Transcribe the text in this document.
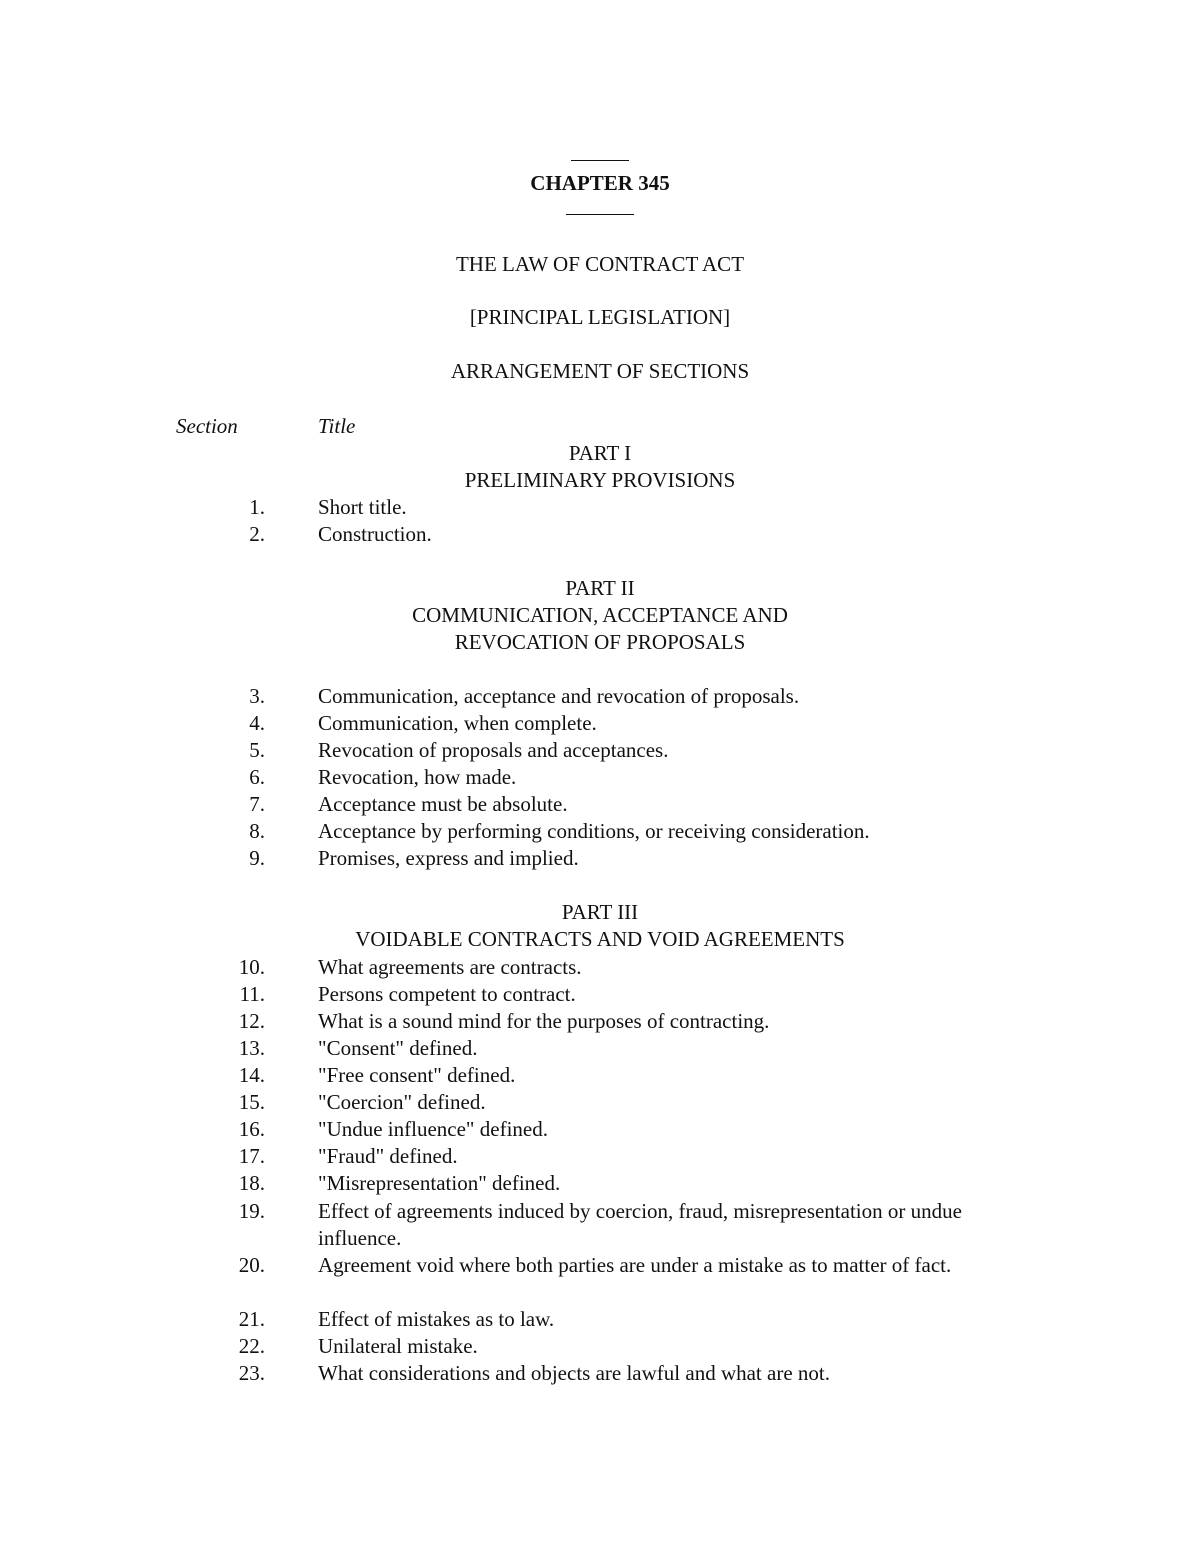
CHAPTER 345
THE LAW OF CONTRACT ACT
[PRINCIPAL LEGISLATION]
ARRANGEMENT OF SECTIONS
Section	Title
PART I
PRELIMINARY PROVISIONS
1.	Short title.
2.	Construction.
PART II
COMMUNICATION, ACCEPTANCE AND
REVOCATION OF PROPOSALS
3.	Communication, acceptance and revocation of proposals.
4.	Communication, when complete.
5.	Revocation of proposals and acceptances.
6.	Revocation, how made.
7.	Acceptance must be absolute.
8.	Acceptance by performing conditions, or receiving consideration.
9.	Promises, express and implied.
PART III
VOIDABLE CONTRACTS AND VOID AGREEMENTS
10.	What agreements are contracts.
11.	Persons competent to contract.
12.	What is a sound mind for the purposes of contracting.
13.	"Consent" defined.
14.	"Free consent" defined.
15.	"Coercion" defined.
16.	"Undue influence" defined.
17.	"Fraud" defined.
18.	"Misrepresentation" defined.
19.	Effect of agreements induced by coercion, fraud, misrepresentation or undue influence.
20.	Agreement void where both parties are under a mistake as to matter of fact.
21.	Effect of mistakes as to law.
22.	Unilateral mistake.
23.	What considerations and objects are lawful and what are not.
